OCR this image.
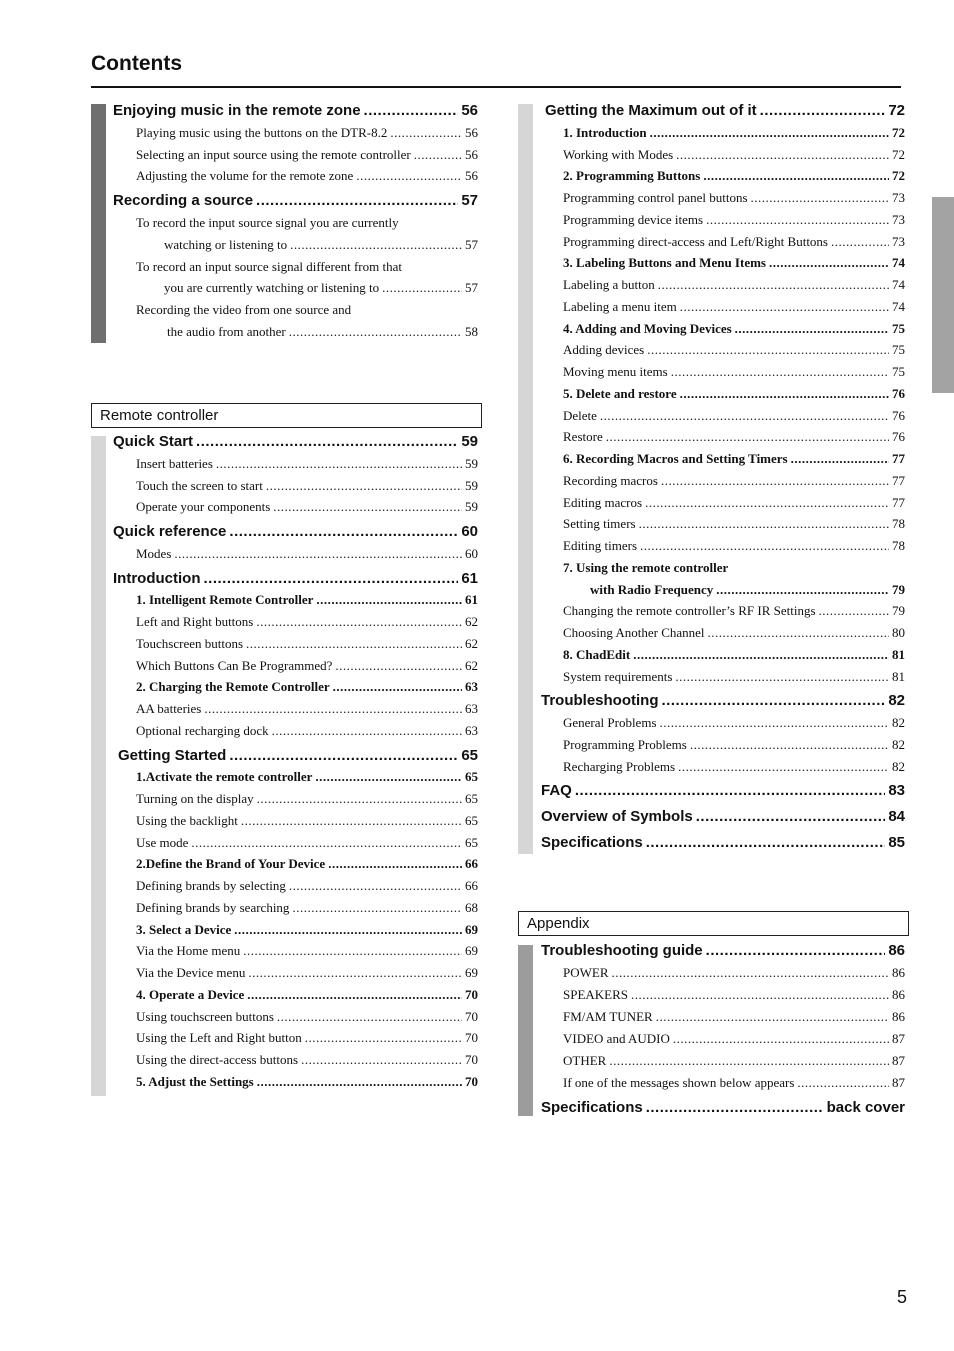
Contents
Remote controller
Appendix
5
Enjoying music in the remote zone .....	56
Playing music using the buttons on the DTR-8.2 .....	56
Selecting an input source using the remote controller .....	56
Adjusting the volume for the remote zone .....	56
Recording a source .....	57
To record the input source signal you are currently
watching or listening to .....	57
To record an input source signal different from that
you are currently watching or listening to .....	57
Recording the video from one source and
the audio from another .....	58
Quick Start .....	59
Insert batteries .....	59
Touch the screen to start .....	59
Operate your components .....	59
Quick reference .....	60
Modes .....	60
Introduction .....	61
1. Intelligent Remote Controller .....	61
Left and Right buttons .....	62
Touchscreen buttons .....	62
Which Buttons Can Be Programmed? .....	62
2. Charging the Remote Controller .....	63
AA batteries .....	63
Optional recharging dock .....	63
Getting Started .....	65
1.Activate the remote controller .....	65
Turning on the display .....	65
Using the backlight .....	65
Use mode .....	65
2.Define the Brand of Your Device .....	66
Defining brands by selecting .....	66
Defining brands by searching .....	68
3. Select a Device .....	69
Via the Home menu .....	69
Via the Device menu .....	69
4. Operate a Device .....	70
Using touchscreen buttons .....	70
Using the Left and Right button .....	70
Using the direct-access buttons .....	70
5. Adjust the Settings .....	70
Getting the Maximum out of it .....	72
1. Introduction .....	72
Working with Modes .....	72
2. Programming Buttons .....	72
Programming control panel buttons .....	73
Programming device items .....	73
Programming direct-access and Left/Right Buttons .....	73
3. Labeling Buttons and Menu Items .....	74
Labeling a button .....	74
Labeling a menu item .....	74
4. Adding and Moving Devices .....	75
Adding devices .....	75
Moving menu items .....	75
5. Delete and restore .....	76
Delete .....	76
Restore .....	76
6. Recording Macros and Setting Timers .....	77
Recording macros .....	77
Editing macros .....	77
Setting timers .....	78
Editing timers .....	78
7. Using the remote controller
with Radio Frequency .....	79
Changing the remote controller’s RF IR Settings .....	79
Choosing Another Channel .....	80
8. ChadEdit .....	81
System requirements .....	81
Troubleshooting .....	82
General Problems .....	82
Programming Problems .....	82
Recharging Problems .....	82
FAQ .....	83
Overview of Symbols .....	84
Specifications .....	85
Troubleshooting guide .....	86
POWER .....	86
SPEAKERS .....	86
FM/AM TUNER .....	86
VIDEO and AUDIO .....	87
OTHER .....	87
If one of the messages shown below appears .....	87
Specifications .....	back cover
